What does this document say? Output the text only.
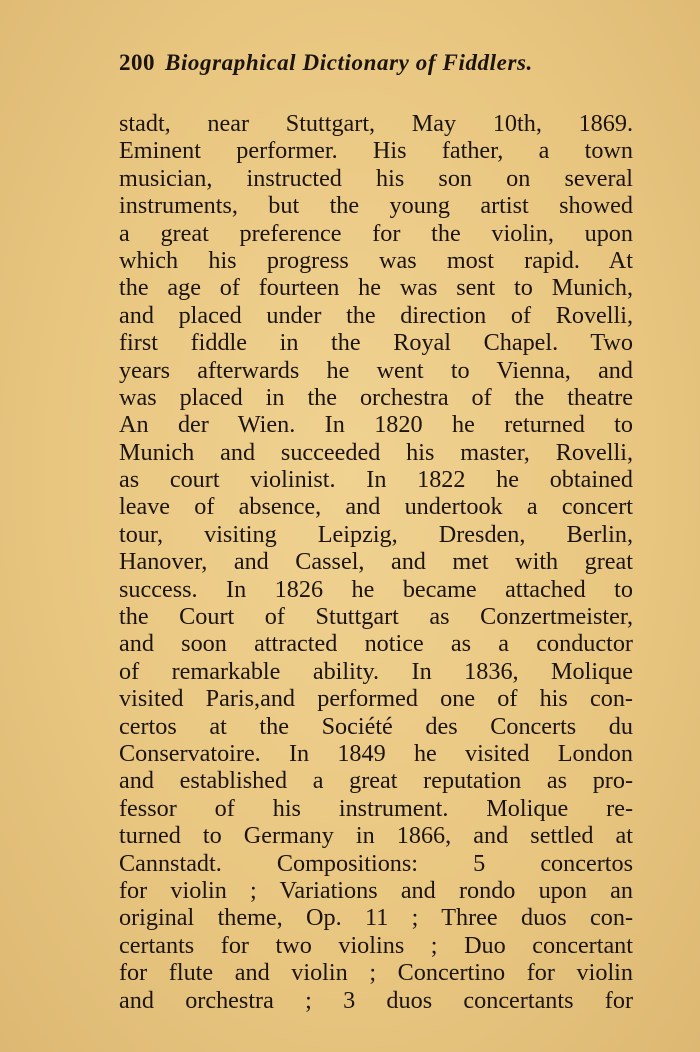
200 Biographical Dictionary of Fiddlers.
stadt, near Stuttgart, May 10th, 1869.
Eminent performer. His father, a town
musician, instructed his son on several
instruments, but the young artist showed
a great preference for the violin, upon
which his progress was most rapid. At
the age of fourteen he was sent to Munich,
and placed under the direction of Rovelli,
first fiddle in the Royal Chapel. Two
years afterwards he went to Vienna, and
was placed in the orchestra of the theatre
An der Wien. In 1820 he returned to
Munich and succeeded his master, Rovelli,
as court violinist. In 1822 he obtained
leave of absence, and undertook a concert
tour, visiting Leipzig, Dresden, Berlin,
Hanover, and Cassel, and met with great
success. In 1826 he became attached to
the Court of Stuttgart as Conzertmeister,
and soon attracted notice as a conductor
of remarkable ability. In 1836, Molique
visited Paris,and performed one of his con-
certos at the Société des Concerts du
Conservatoire. In 1849 he visited London
and established a great reputation as pro-
fessor of his instrument. Molique re-
turned to Germany in 1866, and settled at
Cannstadt. Compositions: 5 concertos
for violin ; Variations and rondo upon an
original theme, Op. 11 ; Three duos con-
certants for two violins ; Duo concertant
for flute and violin ; Concertino for violin
and orchestra ; 3 duos concertants for
